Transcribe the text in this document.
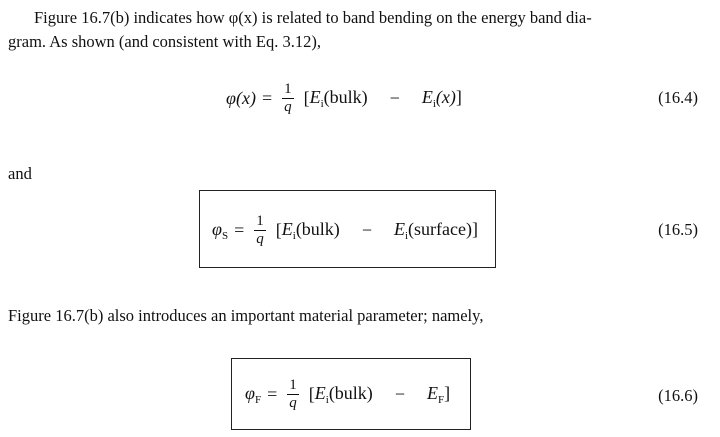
Figure 16.7(b) indicates how φ(x) is related to band bending on the energy band dia-

gram. As shown (and consistent with Eq. 3.12),

$\varphi(x) = \frac{1}{q}$ [ $E_i(bulk) - E_i(x)$]	(16.4)

and

$\varphi_S = \frac{1}{q}$ [ $E_i(bulk)$ − $E_i(surface)$]	(16.5)

Figure 16.7(b) also introduces an important material parameter; namely,

$\varphi_F = \frac{1}{q}$ [ $E_i(bulk) - E_F$]	(16.6)
